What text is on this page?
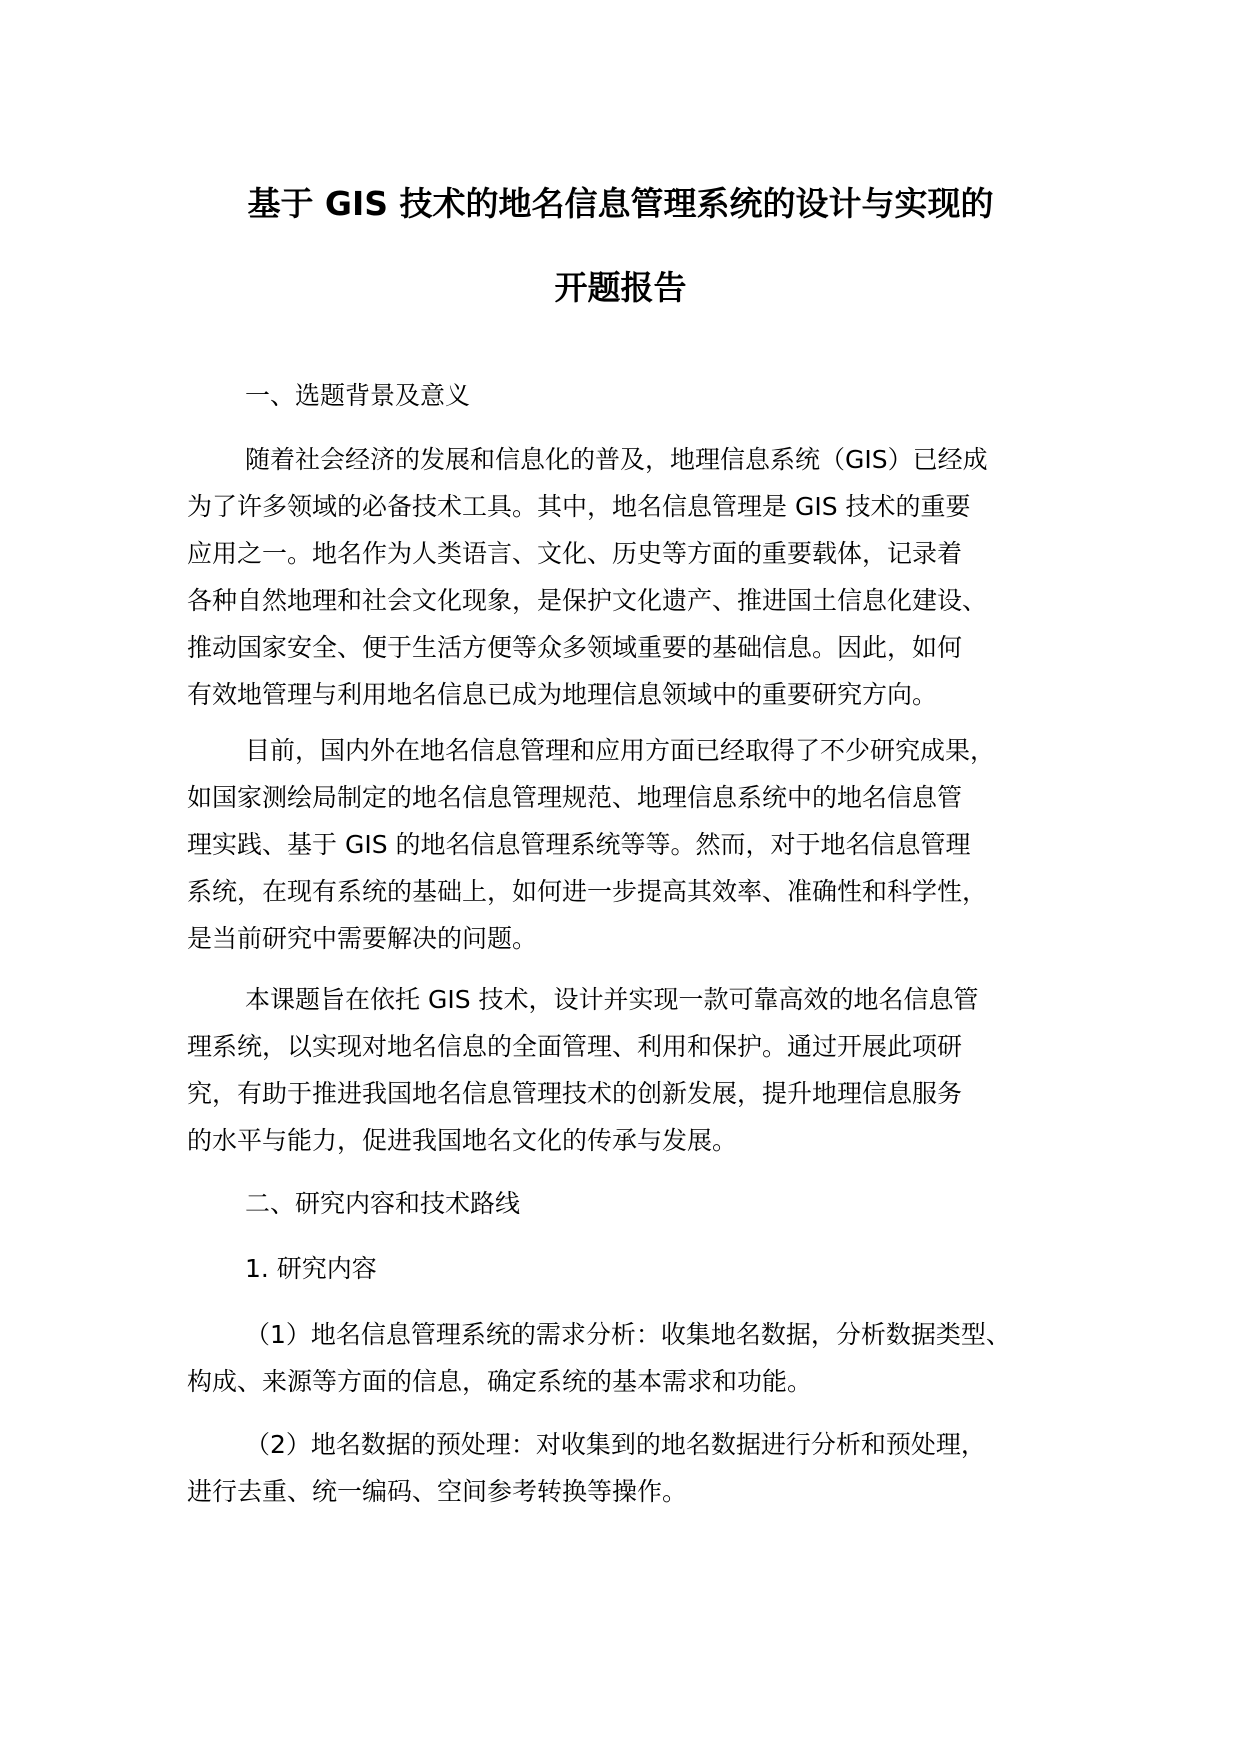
基于 GIS 技术的地名信息管理系统的设计与实现的
开题报告
一、选题背景及意义
随着社会经济的发展和信息化的普及，地理信息系统（GIS）已经成
为了许多领域的必备技术工具。其中，地名信息管理是 GIS 技术的重要
应用之一。地名作为人类语言、文化、历史等方面的重要载体，记录着
各种自然地理和社会文化现象，是保护文化遗产、推进国土信息化建设、
推动国家安全、便于生活方便等众多领域重要的基础信息。因此，如何
有效地管理与利用地名信息已成为地理信息领域中的重要研究方向。
目前，国内外在地名信息管理和应用方面已经取得了不少研究成果，
如国家测绘局制定的地名信息管理规范、地理信息系统中的地名信息管
理实践、基于 GIS 的地名信息管理系统等等。然而，对于地名信息管理
系统，在现有系统的基础上，如何进一步提高其效率、准确性和科学性，
是当前研究中需要解决的问题。
本课题旨在依托 GIS 技术，设计并实现一款可靠高效的地名信息管
理系统，以实现对地名信息的全面管理、利用和保护。通过开展此项研
究，有助于推进我国地名信息管理技术的创新发展，提升地理信息服务
的水平与能力，促进我国地名文化的传承与发展。
二、研究内容和技术路线
1. 研究内容
（1）地名信息管理系统的需求分析：收集地名数据，分析数据类型、
构成、来源等方面的信息，确定系统的基本需求和功能。
（2）地名数据的预处理：对收集到的地名数据进行分析和预处理，
进行去重、统一编码、空间参考转换等操作。
